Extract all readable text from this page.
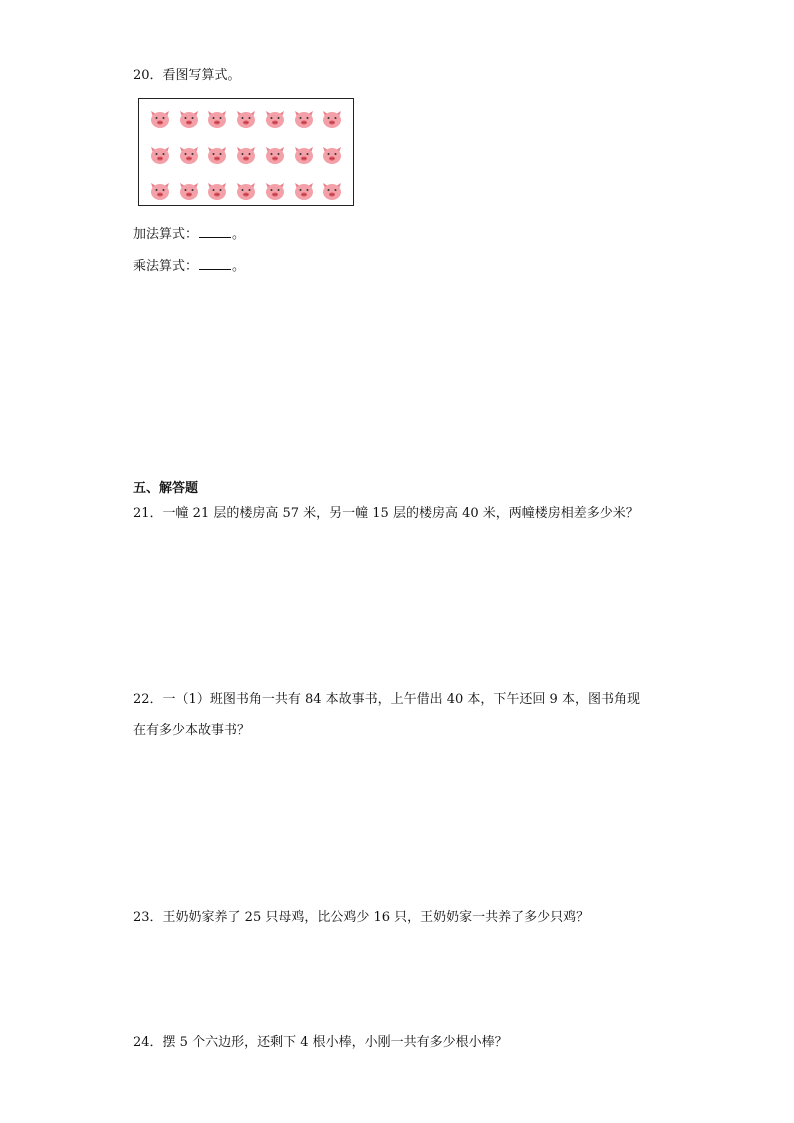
20．看图写算式。
加法算式：	。
乘法算式：	。
五、解答题
21．一幢 21 层的楼房高 57 米，另一幢 15 层的楼房高 40 米，两幢楼房相差多少米？
22．一（1）班图书角一共有 84 本故事书，上午借出 40 本，下午还回 9 本，图书角现
在有多少本故事书？
23．王奶奶家养了 25 只母鸡，比公鸡少 16 只，王奶奶家一共养了多少只鸡？
24．摆 5 个六边形，还剩下 4 根小棒，小刚一共有多少根小棒？
